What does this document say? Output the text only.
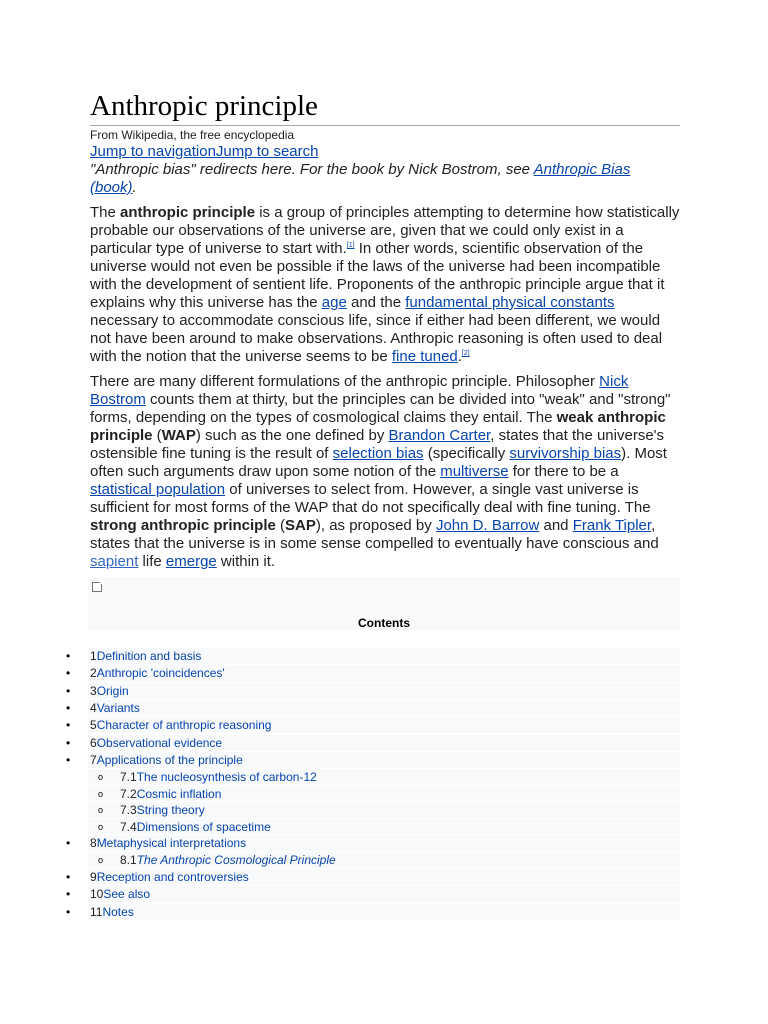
Anthropic principle
From Wikipedia, the free encyclopedia
Jump to navigationJump to search
"Anthropic bias" redirects here. For the book by Nick Bostrom, see Anthropic Bias (book).
The anthropic principle is a group of principles attempting to determine how statistically probable our observations of the universe are, given that we could only exist in a particular type of universe to start with.[1] In other words, scientific observation of the universe would not even be possible if the laws of the universe had been incompatible with the development of sentient life. Proponents of the anthropic principle argue that it explains why this universe has the age and the fundamental physical constants necessary to accommodate conscious life, since if either had been different, we would not have been around to make observations. Anthropic reasoning is often used to deal with the notion that the universe seems to be fine tuned.[2]
There are many different formulations of the anthropic principle. Philosopher Nick Bostrom counts them at thirty, but the principles can be divided into "weak" and "strong" forms, depending on the types of cosmological claims they entail. The weak anthropic principle (WAP) such as the one defined by Brandon Carter, states that the universe's ostensible fine tuning is the result of selection bias (specifically survivorship bias). Most often such arguments draw upon some notion of the multiverse for there to be a statistical population of universes to select from. However, a single vast universe is sufficient for most forms of the WAP that do not specifically deal with fine tuning. The strong anthropic principle (SAP), as proposed by John D. Barrow and Frank Tipler, states that the universe is in some sense compelled to eventually have conscious and sapient life emerge within it.
Contents
• 1Definition and basis
• 2Anthropic 'coincidences'
• 3Origin
• 4Variants
• 5Character of anthropic reasoning
• 6Observational evidence
• 7Applications of the principle
o 7.1The nucleosynthesis of carbon-12
o 7.2Cosmic inflation
o 7.3String theory
o 7.4Dimensions of spacetime
• 8Metaphysical interpretations
o 8.1The Anthropic Cosmological Principle
• 9Reception and controversies
• 10See also
• 11Notes
